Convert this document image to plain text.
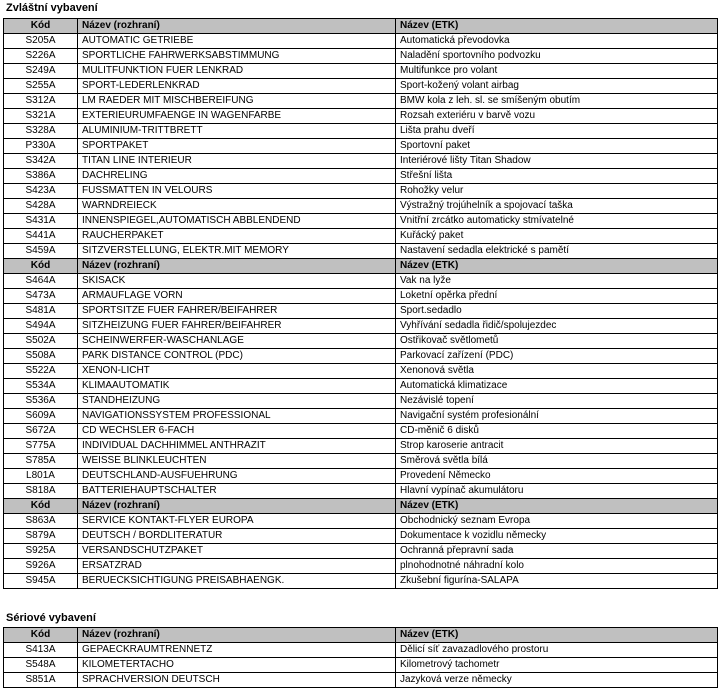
Zvláštní vybavení
Kód	Název (rozhraní)	Název (ETK)
S205A	AUTOMATIC GETRIEBE	Automatická převodovka
S226A	SPORTLICHE FAHRWERKSABSTIMMUNG	Naladění sportovního podvozku
S249A	MULITFUNKTION FUER LENKRAD	Multifunkce pro volant
S255A	SPORT-LEDERLENKRAD	Sport-kožený volant airbag
S312A	LM RAEDER MIT MISCHBEREIFUNG	BMW kola z leh. sl. se smíšeným obutím
S321A	EXTERIEURUMFAENGE IN WAGENFARBE	Rozsah exteriéru v barvě vozu
S328A	ALUMINIUM-TRITTBRETT	Lišta prahu dveří
P330A	SPORTPAKET	Sportovní paket
S342A	TITAN LINE INTERIEUR	Interiérové lišty Titan Shadow
S386A	DACHRELING	Střešní lišta
S423A	FUSSMATTEN IN VELOURS	Rohožky velur
S428A	WARNDREIECK	Výstražný trojúhelník a spojovací taška
S431A	INNENSPIEGEL,AUTOMATISCH ABBLENDEND	Vnitřní zrcátko automaticky stmívatelné
S441A	RAUCHERPAKET	Kuřácký paket
S459A	SITZVERSTELLUNG, ELEKTR.MIT MEMORY	Nastavení sedadla elektrické s pamětí
Kód	Název (rozhraní)	Název (ETK)
S464A	SKISACK	Vak na lyže
S473A	ARMAUFLAGE VORN	Loketní opěrka přední
S481A	SPORTSITZE FUER FAHRER/BEIFAHRER	Sport.sedadlo
S494A	SITZHEIZUNG FUER FAHRER/BEIFAHRER	Vyhřívání sedadla řidič/spolujezdec
S502A	SCHEINWERFER-WASCHANLAGE	Ostřikovač světlometů
S508A	PARK DISTANCE CONTROL (PDC)	Parkovací zařízení (PDC)
S522A	XENON-LICHT	Xenonová světla
S534A	KLIMAAUTOMATIK	Automatická klimatizace
S536A	STANDHEIZUNG	Nezávislé topení
S609A	NAVIGATIONSSYSTEM PROFESSIONAL	Navigační systém profesionální
S672A	CD WECHSLER 6-FACH	CD-měnič 6 disků
S775A	INDIVIDUAL DACHHIMMEL ANTHRAZIT	Strop karoserie antracit
S785A	WEISSE BLINKLEUCHTEN	Směrová světla bílá
L801A	DEUTSCHLAND-AUSFUEHRUNG	Provedení Německo
S818A	BATTERIEHAUPTSCHALTER	Hlavní vypínač akumulátoru
Kód	Název (rozhraní)	Název (ETK)
S863A	SERVICE KONTAKT-FLYER EUROPA	Obchodnický seznam Evropa
S879A	DEUTSCH / BORDLITERATUR	Dokumentace k vozidlu německy
S925A	VERSANDSCHUTZPAKET	Ochranná přepravní sada
S926A	ERSATZRAD	plnohodnotné náhradní kolo
S945A	BERUECKSICHTIGUNG PREISABHAENGK.	Zkušební figurína-SALAPA
Sériové vybavení
Kód	Název (rozhraní)	Název (ETK)
S413A	GEPAECKRAUMTRENNETZ	Dělicí síť zavazadlového prostoru
S548A	KILOMETERTACHO	Kilometrový tachometr
S851A	SPRACHVERSION DEUTSCH	Jazyková verze německy
